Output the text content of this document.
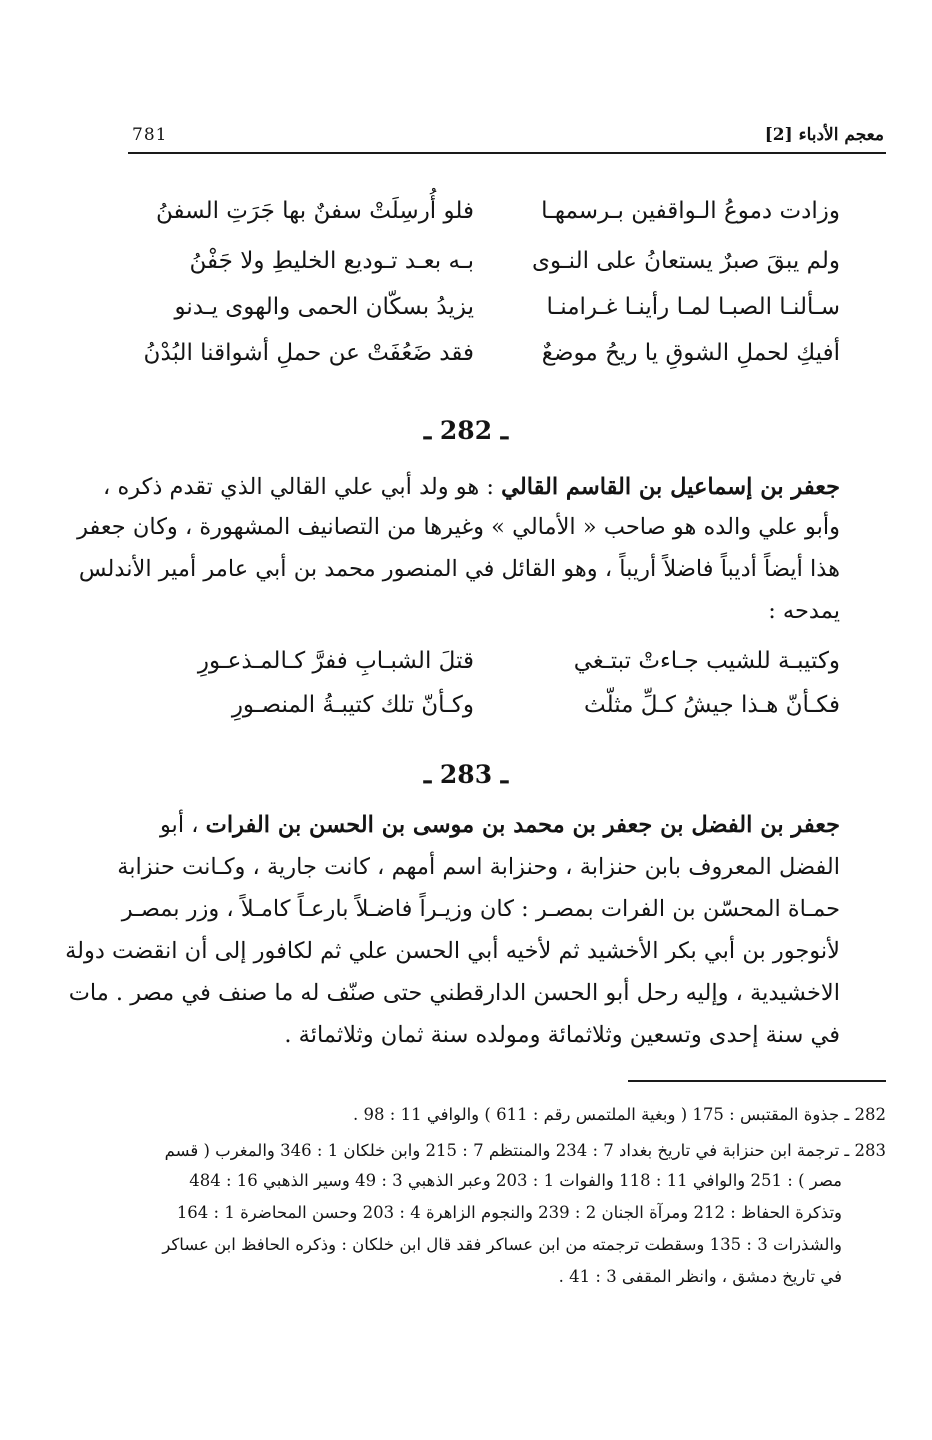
معجم الأدباء [2]
781
وزادت دموعُ الـواقفين بـرسمهـا
فلو أُرسِلَتْ سفنٌ بها جَرَتِ السفنُ
ولم يبقَ صبرٌ يستعانُ على النـوى
بـه بعـد تـوديع الخليطِ ولا جَفْنُ
سـألنـا الصبـا لمـا رأينـا غـرامنـا
يزيدُ بسكّان الحمى والهوى يـدنو
أفيكِ لحملِ الشوقِ يا ريحُ موضعٌ
فقد ضَعُفَتْ عن حملِ أشواقنا البُدْنُ
ـ 282 ـ
جعفر بن إسماعيل بن القاسم القالي : هو ولد أبي علي القالي الذي تقدم ذكره ،
وأبو علي والده هو صاحب « الأمالي » وغيرها من التصانيف المشهورة ، وكان جعفر
هذا أيضاً أديباً فاضلاً أريباً ، وهو القائل في المنصور محمد بن أبي عامر أمير الأندلس
يمدحه :
وكتيبـة للشيب جـاءتْ تبتـغي
قتلَ الشبـابِ ففرَّ كـالمـذعـورِ
فكـأنّ هـذا جيشُ كـلِّ مثلّث
وكـأنّ تلك كتيبـةُ المنصـورِ
ـ 283 ـ
جعفر بن الفضل بن جعفر بن محمد بن موسى بن الحسن بن الفرات ، أبو
الفضل المعروف بابن حنزابة ، وحنزابة اسم أمهم ، كانت جارية ، وكـانت حنزابة
حمـاة المحسّن بن الفرات بمصـر : كان وزيـراً فاضـلاً بارعـاً كامـلاً ، وزر بمصـر
لأنوجور بن أبي بكر الأخشيد ثم لأخيه أبي الحسن علي ثم لكافور إلى أن انقضت دولة
الاخشيدية ، وإليه رحل أبو الحسن الدارقطني حتى صنّف له ما صنف في مصر . مات
في سنة إحدى وتسعين وثلاثمائة ومولده سنة ثمان وثلاثمائة .
282 ـ جذوة المقتبس : 175 ( وبغية الملتمس رقم : 611 ) والوافي 11 : 98 .
283 ـ ترجمة ابن حنزابة في تاريخ بغداد 7 : 234 والمنتظم 7 : 215 وابن خلكان 1 : 346 والمغرب ( قسم
مصر ) : 251 والوافي 11 : 118 والفوات 1 : 203 وعبر الذهبي 3 : 49 وسير الذهبي 16 : 484
وتذكرة الحفاظ : 212 ومرآة الجنان 2 : 239 والنجوم الزاهرة 4 : 203 وحسن المحاضرة 1 : 164
والشذرات 3 : 135 وسقطت ترجمته من ابن عساكر فقد قال ابن خلكان : وذكره الحافظ ابن عساكر
في تاريخ دمشق ، وانظر المقفى 3 : 41 .
